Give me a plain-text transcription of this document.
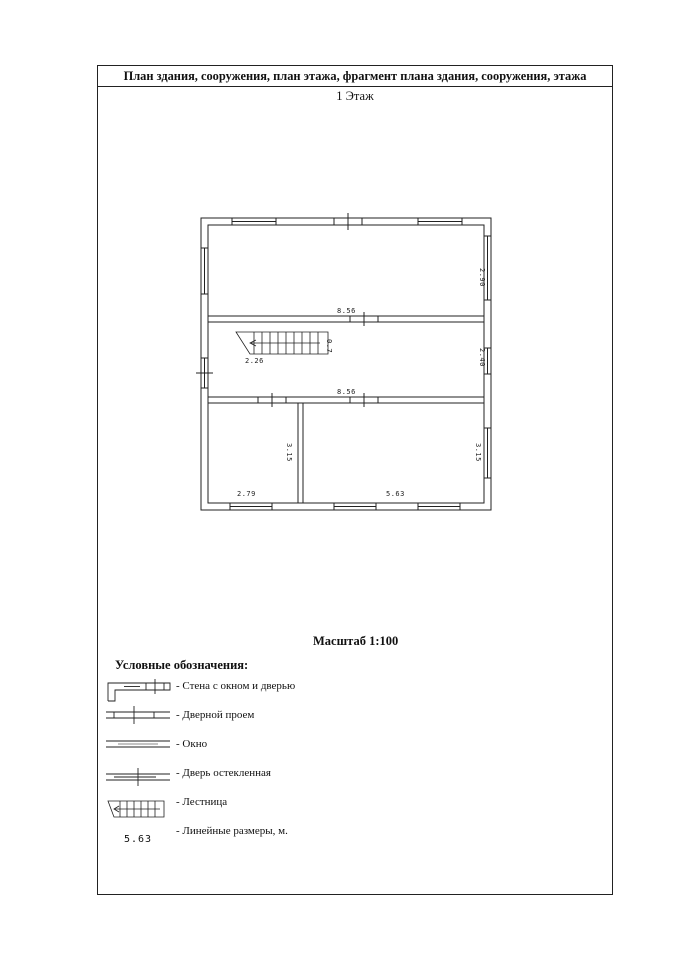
План здания, сооружения, план этажа, фрагмент плана здания, сооружения, этажа
1 Этаж
2.90
8.56
2.26
0.7
2.40
8.56
3.15
2.79
3.15
5.63
Масштаб 1:100
Условные обозначения:
- Стена с окном и дверью
- Дверной проем
- Окно
- Дверь остекленная
- Лестница
- Линейные размеры, м.
5.63
